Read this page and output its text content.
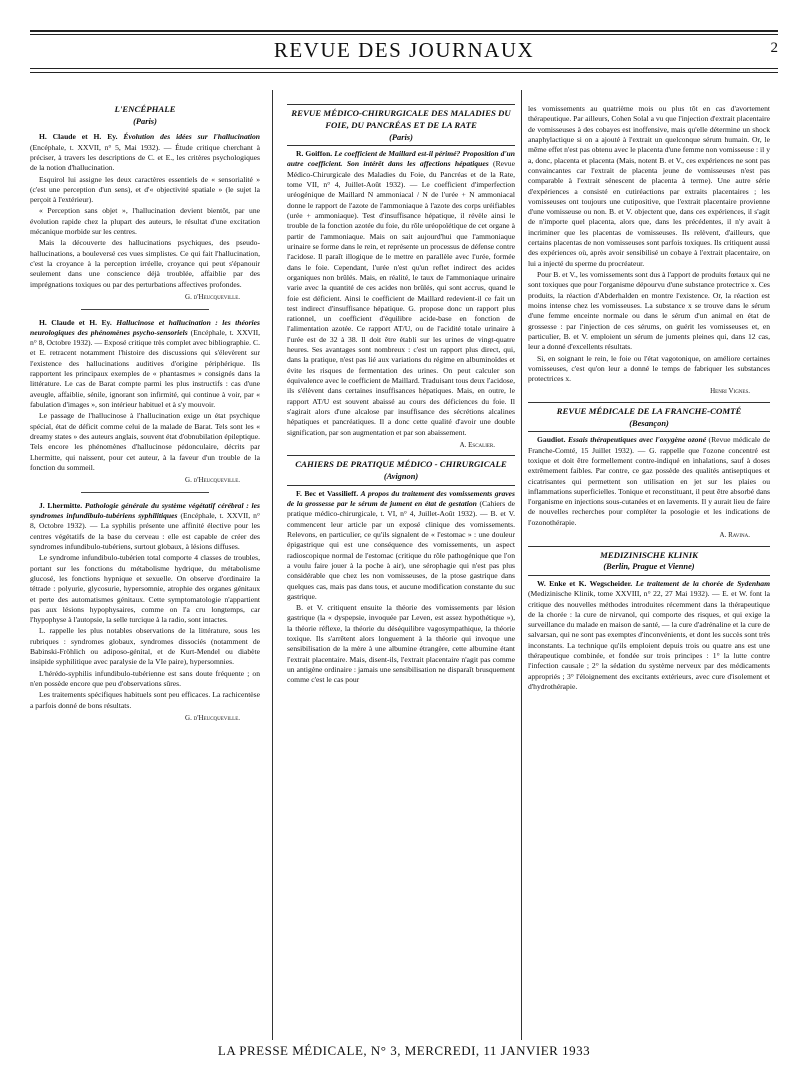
REVUE DES JOURNAUX	2
L'ENCÉPHALE
(Paris)

H. Claude et H. Ey. Évolution des idées sur l'hallucination (Encéphale, t. XXVII, n° 5, Mai 1932). — Étude critique cherchant à préciser, à travers les descriptions de C. et E., les critères psychologiques de la notion d'hallucination.

Esquirol lui assigne les deux caractères essentiels de « sensorialité » (c'est une perception d'un sens), et d'« objectivité spatiale » (le sujet la perçoit à l'extérieur).

« Perception sans objet », l'hallucination devient bientôt, par une évolution rapide chez la plupart des auteurs, le résultat d'une excitation mécanique morbide sur les centres.

Mais la découverte des hallucinations psychiques, des pseudo-hallucinations, a bouleversé ces vues simplistes. Ce qui fait l'hallucination, c'est la croyance à la perception irréelle, croyance qui peut s'épanouir seulement dans une conscience déjà troublée, affaiblie par des imprégnations toxiques ou par des perturbations affectives profondes.

G. d'Heucqueville.

H. Claude et H. Ey. Hallucinose et hallucination : les théories neurologiques des phénomènes psycho-sensoriels (Encéphale, t. XXVII, n° 8, Octobre 1932). — Exposé critique très complet avec bibliographie. C. et E. retracent notamment l'histoire des discussions qui s'élevèrent sur l'existence des hallucinations auditives d'origine périphérique. Ils rapportent les principaux exemples de « phantasmes » consignés dans la littérature. Le cas de Barat compte parmi les plus instructifs : cas d'une aveugle, affaiblie, sénile, ignorant son infirmité, qui continue à voir, par « fabulation d'images », son intérieur habituel et à s'y mouvoir.

Le passage de l'hallucinose à l'hallucination exige un état psychique spécial, état de déficit comme celui de la malade de Barat. Tels sont les « dreamy states » des auteurs anglais, souvent état d'obnubilation épileptique. Tels encore les phénomènes d'hallucinose pédonculaire, décrits par Lhermitte, qui naissent, pour cet auteur, à la faveur d'un trouble de la fonction du sommeil.

G. d'Heucqueville.

J. Lhermitte. Pathologie générale du système végétatif cérébral : les syndromes infundibulo-tubériens syphilitiques (Encéphale, t. XXVII, n° 8, Octobre 1932). — La syphilis présente une affinité élective pour les centres végétatifs de la base du cerveau : elle est capable de créer des syndromes infundibulo-tubériens, surtout globaux, à lésions diffuses.

Le syndrome infundibulo-tubérien total comporte 4 classes de troubles, portant sur les fonctions du métabolisme hydrique, du métabolisme glucosé, les fonctions hypnique et sexuelle. On observe d'ordinaire la tétrade : polyurie, glycosurie, hypersomnie, atrophie des organes génitaux et perte des automatismes génitaux. Cette symptomatologie n'appartient pas aux lésions hypophysaires, comme on l'a cru longtemps, car l'hypophyse à l'autopsie, la selle turcique à la radio, sont intactes.

L. rappelle les plus notables observations de la littérature, sous les rubriques : syndromes globaux, syndromes dissociés (notamment de Babinski-Fröhlich ou adiposo-génital, et de Kurt-Mendel ou diabète insipide syphilitique avec paralysie de la VIe paire), hypersomnies.

L'hérédo-syphilis infundibulo-tubérienne est sans doute fréquente ; on n'en possède encore que peu d'observations sûres.

Les traitements spécifiques habituels sont peu efficaces. La rachicentèse a parfois donné de bons résultats.

G. d'Heucqueville.
REVUE MÉDICO-CHIRURGICALE DES MALADIES DU FOIE, DU PANCRÉAS ET DE LA RATE
(Paris)

R. Goiffon. Le coefficient de Maillard est-il périmé? Proposition d'un autre coefficient. Son intérêt dans les affections hépatiques (Revue Médico-Chirurgicale des Maladies du Foie, du Pancréas et de la Rate, tome VII, n° 4, Juillet-Août 1932). — Le coefficient d'imperfection uréogénique de Maillard N ammoniacal / N de l'urée + N ammoniacal donne le rapport de l'azote de l'ammoniaque à l'azote des corps uréifiables (urée + ammoniaque). Test d'insuffisance hépatique, il révèle ainsi le trouble de la fonction azotée du foie, du rôle uréopoïétique de cet organe à partir de l'ammoniaque. Mais on sait aujourd'hui que l'ammoniaque urinaire se forme dans le rein, et représente un processus de défense contre l'acidose. Il paraît illogique de le mettre en parallèle avec l'urée, formée dans le foie. Cependant, l'urée n'est qu'un reflet indirect des acides organiques non brûlés. Mais, en réalité, le taux de l'ammoniaque urinaire varie avec la quantité de ces acides non brûlés, qui sont accrus, quand le foie est déficient. Ainsi le coefficient de Maillard redevient-il ce fait un test indirect d'insuffisance hépatique. G. propose donc un rapport plus rationnel, un coefficient d'équilibre acide-base en fonction de l'alimentation azotée. Ce rapport AT/U, ou de l'acidité totale urinaire à l'urée est de 32 à 38. Il doit être établi sur les urines de vingt-quatre heures. Ses avantages sont nombreux : c'est un rapport plus direct, qui, dans la pratique, n'est pas lié aux variations du régime en albuminoïdes et évite les risques de fermentation des urines. On peut calculer son équivalence avec le coefficient de Maillard. Traduisant tous deux l'acidose, ils s'élèvent dans certaines insuffisances hépatiques. Mais, en outre, le rapport AT/U est souvent abaissé au cours des déficiences du foie. Il s'agirait alors d'une alcalose par insuffisance des sécrétions alcalines hépatiques et pancréatiques. Il a donc cette qualité d'avoir une double signification, par son augmentation et par son abaissement.

A. Escalier.
CAHIERS DE PRATIQUE MÉDICO - CHIRURGICALE
(Avignon)

F. Bec et Vassilieff. A propos du traitement des vomissements graves de la grossesse par le sérum de jument en état de gestation (Cahiers de pratique médico-chirurgicale, t. VI, n° 4, Juillet-Août 1932). — B. et V. commencent leur article par un exposé clinique des vomissements. Relevons, en particulier, ce qu'ils signalent de « l'estomac » : une douleur épigastrique qui est une conséquence des vomissements, un aspect radioscopique normal de l'estomac (critique du rôle pathogénique que l'on a voulu faire jouer à la poche à air), une sérophagie qui n'est pas plus considérable que chez les non vomisseuses, de la ptose gastrique dans quelques cas, mais pas dans tous, et aucune modification constante du suc gastrique.

B. et V. critiquent ensuite la théorie des vomissements par lésion gastrique (la « dyspepsie, invoquée par Leven, est assez hypothétique »), la théorie réflexe, la théorie du déséquilibre vagosympathique, la théorie toxique. Ils s'arrêtent alors longuement à la théorie qui invoque une sensibilisation de la mère à une albumine étrangère, cette albumine étant l'extrait placentaire. Mais, disent-ils, l'extrait placentaire n'agit pas comme un antigène ordinaire : jamais une sensibilisation ne disparaît brusquement comme c'est le cas pour

les vomissements au quatrième mois ou plus tôt en cas d'avortement thérapeutique. Par ailleurs, Cohen Solal a vu que l'injection d'extrait placentaire de vomisseuses à des cobayes est inoffensive, mais qu'elle détermine un shock anaphylactique si on a ajouté à l'extrait un quelconque sérum humain. Or, le même effet n'est pas obtenu avec le placenta d'une femme non vomisseuse : il y a, donc, placenta et placenta (Mais, notent B. et V., ces expériences ne sont pas convaincantes car l'extrait de placenta jeune de vomisseuses n'est pas comparable à l'extrait sénescent de placenta à terme). Une autre série d'expériences a consisté en cutiréactions par extraits placentaires ; les vomisseuses ont toujours une cutipositive, que l'extrait placentaire provienne d'une vomisseuse ou non. B. et V. objectent que, dans ces expériences, il s'agit de n'importe quel placenta, alors que, dans les précédentes, il n'y avait à incriminer que les placentas de vomisseuses. Ils relèvent, d'ailleurs, que certains placentas de non vomisseuses sont parfois toxiques. Ils critiquent aussi des expériences où, après avoir sensibilisé un cobaye à l'extrait placentaire, on lui a injecté du sperme du procréateur.

Pour B. et V., les vomissements sont dus à l'apport de produits fœtaux qui ne sont toxiques que pour l'organisme dépourvu d'une substance protectrice x. Ces produits, la réaction d'Abderhalden en montre l'existence. Or, la réaction est moins intense chez les vomisseuses. La substance x se trouve dans le sérum d'une femme enceinte normale ou dans le sérum d'un animal en état de grossesse : par l'injection de ces sérums, on guérit les vomisseuses et, en particulier, B. et V. emploient un sérum de juments pleines qui, dans 12 cas, leur a donné d'excellents résultats.

Si, en soignant le rein, le foie ou l'état vagotonique, on améliore certaines vomisseuses, c'est qu'on leur a donné le temps de fabriquer les substances protectrices x.

Henri Vignes.
REVUE MÉDICALE DE LA FRANCHE-COMTÉ
(Besançon)

Gaudiot. Essais thérapeutiques avec l'oxygène ozoné (Revue médicale de Franche-Comté, 15 Juillet 1932). — G. rappelle que l'ozone concentré est toxique et doit être formellement contre-indiqué en inhalations, sauf à doses extrêmement faibles. Par contre, ce gaz possède des qualités antiseptiques et cicatrisantes qui permettent son utilisation en jet sur les plaies ou inflammations superficielles. Tonique et reconstituant, il peut être absorbé dans l'organisme en injections sous-cutanées et en lavements. Il y aurait lieu de faire de nouvelles recherches pour compléter la posologie et les indications de l'ozonothérapie.

A. Ravina.
MEDIZINISCHE KLINIK
(Berlin, Prague et Vienne)

W. Enke et K. Wegscheider. Le traitement de la chorée de Sydenham (Medizinische Klinik, tome XXVIII, n° 22, 27 Mai 1932). — E. et W. font la critique des nouvelles méthodes introduites récemment dans la thérapeutique de la chorée : la cure de nirvanol, qui comporte des risques, et qui exige la surveillance du malade en maison de santé, — la cure d'adrénaline et la cure de salvarsan, qui ne sont pas exemptes d'inconvénients, et dont les succès sont très inconstants. La technique qu'ils emploient depuis trois ou quatre ans est une thérapeutique combinée, et fondée sur trois principes : 1° la lutte contre l'infection causale ; 2° la sédation du système nerveux par des médicaments appropriés ; 3° l'éloignement des excitants extérieurs, avec cure d'isolement et d'hydrothérapie.

LA PRESSE MÉDICALE, N° 3, MERCREDI, 11 JANVIER 1933
